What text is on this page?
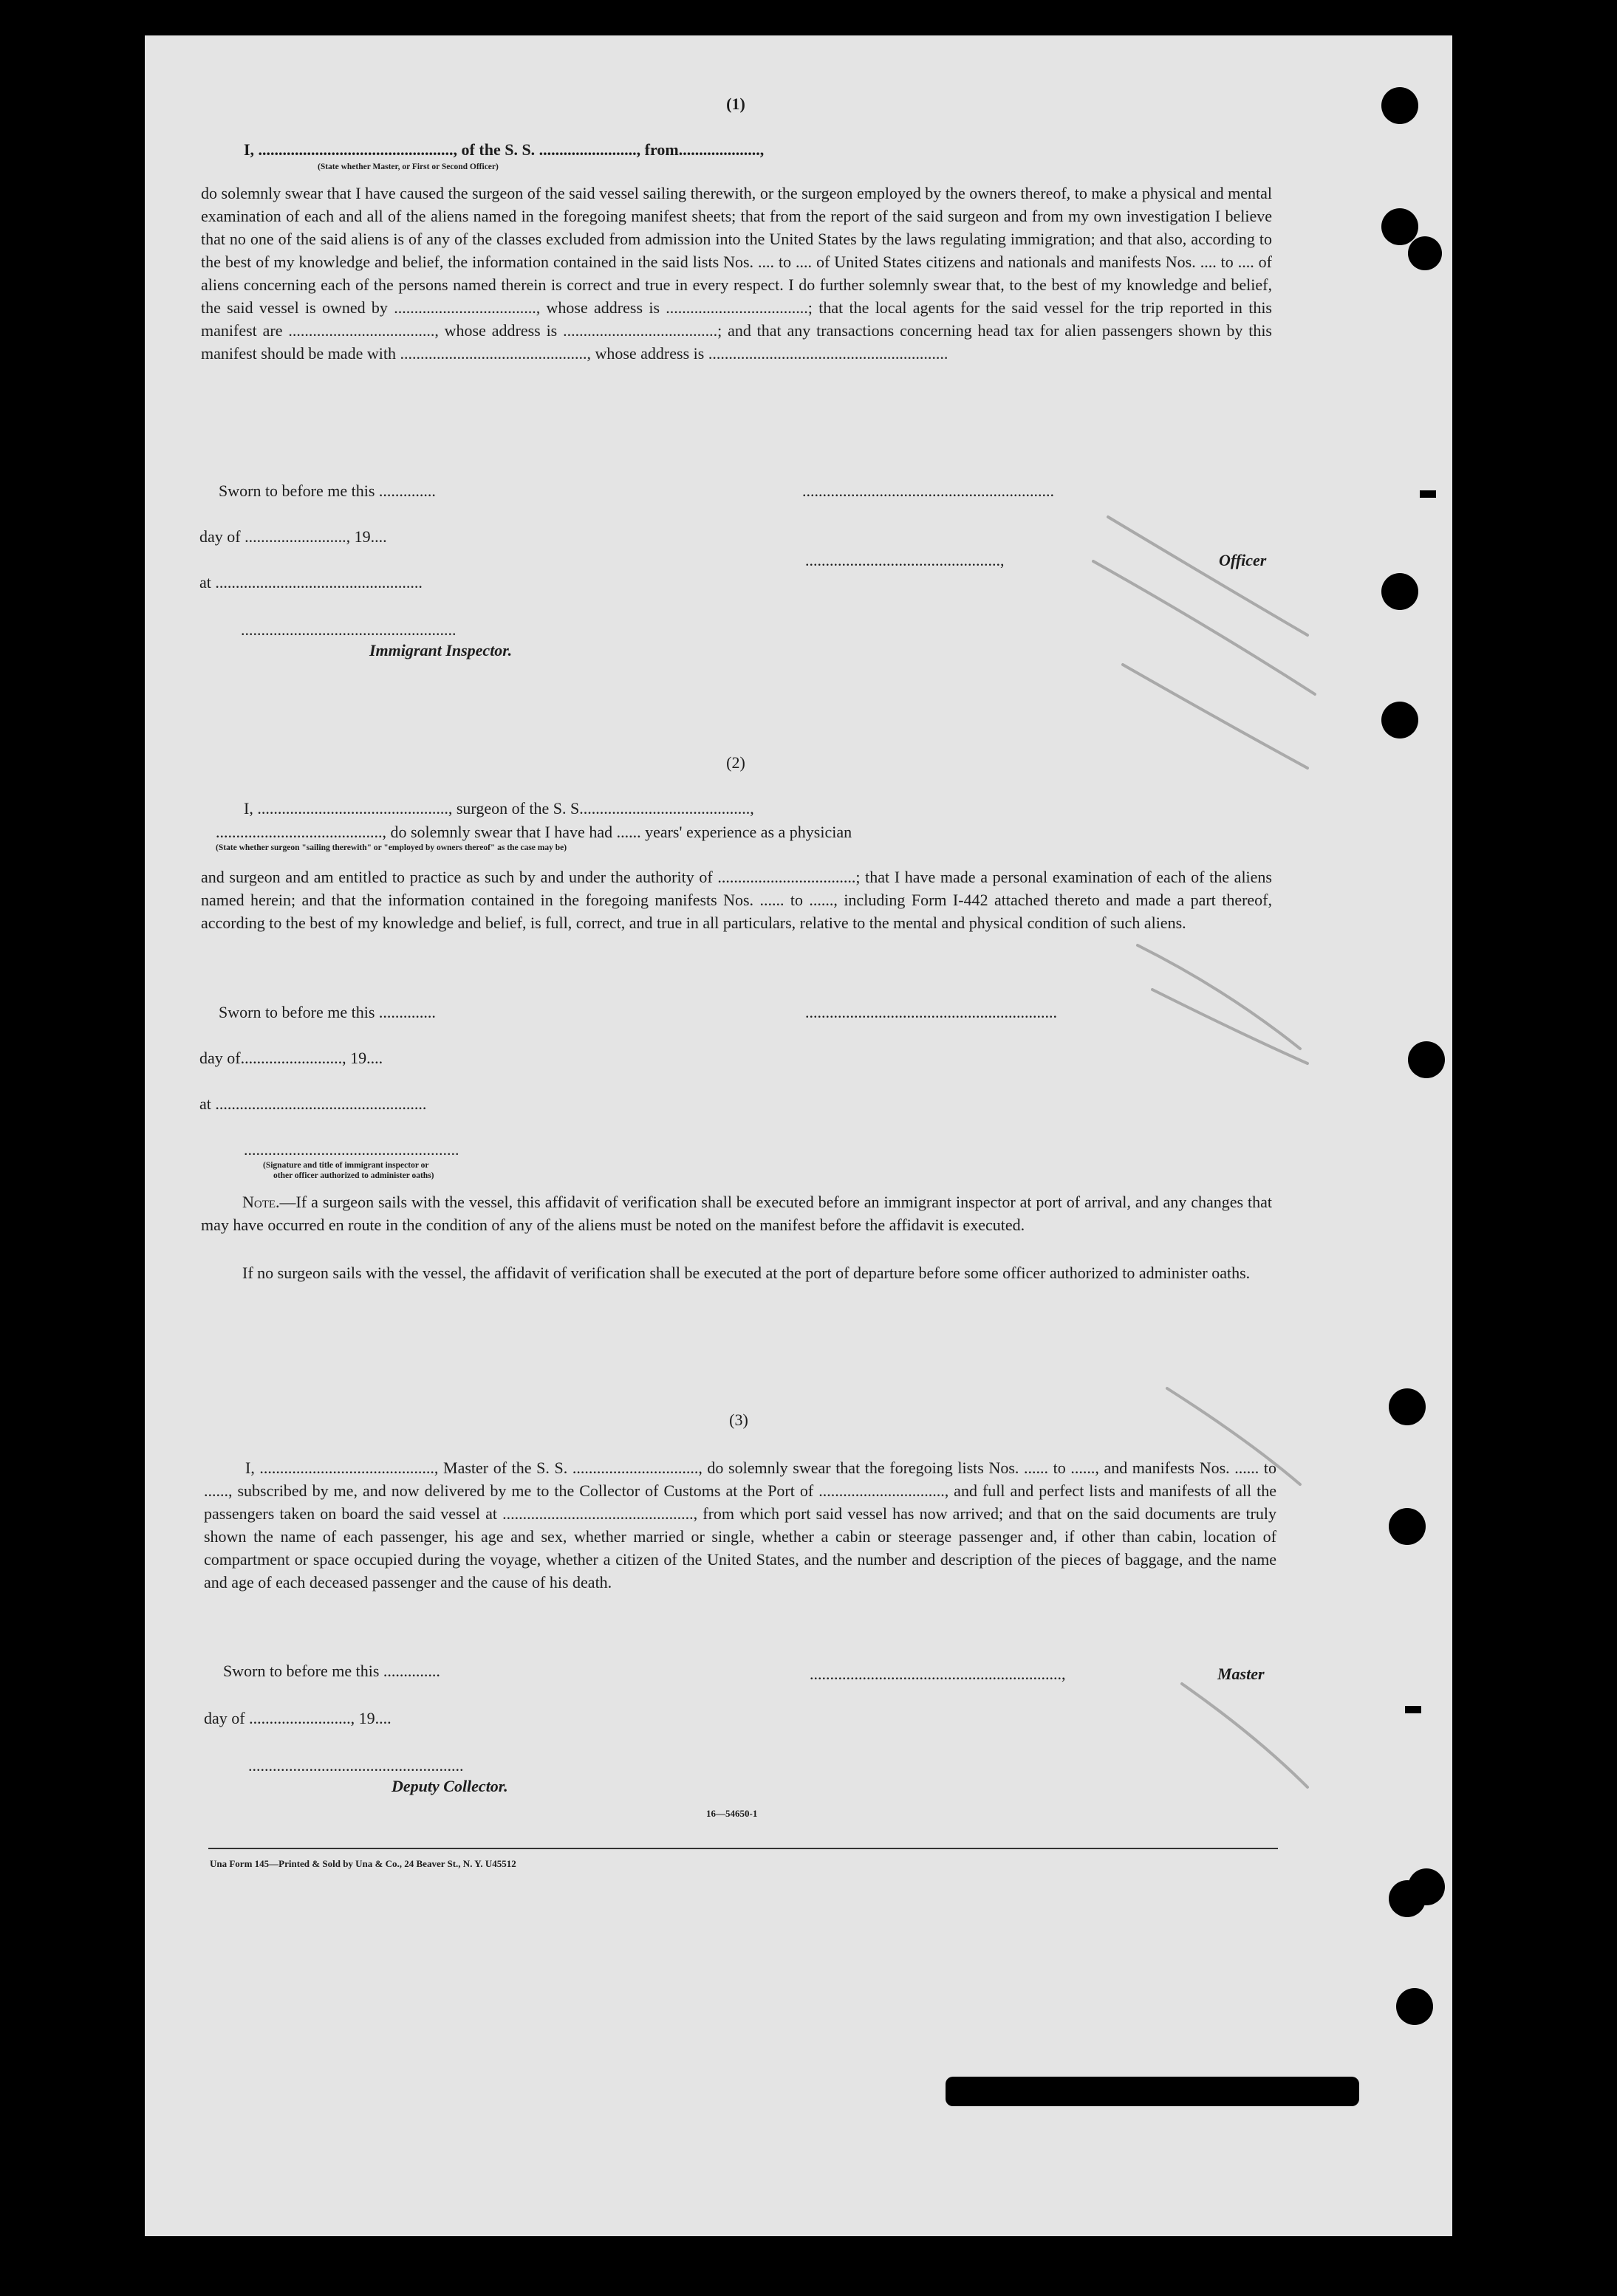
(1)
I, ................................................, of the S. S. ........................, from....................,
(State whether Master, or First or Second Officer)
do solemnly swear that I have caused the surgeon of the said vessel sailing therewith, or the surgeon employed by the owners thereof, to make a physical and mental examination of each and all of the aliens named in the foregoing manifest sheets; that from the report of the said surgeon and from my own investigation I believe that no one of the said aliens is of any of the classes excluded from admission into the United States by the laws regulating immigration; and that also, according to the best of my knowledge and belief, the information contained in the said lists Nos. .... to .... of United States citizens and nationals and manifests Nos. .... to .... of aliens concerning each of the persons named therein is correct and true in every respect. I do further solemnly swear that, to the best of my knowledge and belief, the said vessel is owned by ..................................., whose address is ...................................; that the local agents for the said vessel for the trip reported in this manifest are ...................................., whose address is ......................................; and that any transactions concerning head tax for alien passengers shown by this manifest should be made with .............................................., whose address is ...........................................................
Sworn to before me this ..............	..............................................................
day of ........................., 19....
................................................,	Officer
at ...................................................
.....................................................
Immigrant Inspector.
(2)
I, ..............................................., surgeon of the S. S..........................................,
........................................., do solemnly swear that I have had ...... years' experience as a physician
(State whether surgeon "sailing therewith" or "employed by owners thereof" as the case may be)
and surgeon and am entitled to practice as such by and under the authority of ..................................; that I have made a personal examination of each of the aliens named herein; and that the information contained in the foregoing manifests Nos. ...... to ......, including Form I-442 attached thereto and made a part thereof, according to the best of my knowledge and belief, is full, correct, and true in all particulars, relative to the mental and physical condition of such aliens.
Sworn to before me this ..............	..............................................................
day of........................., 19....
at ....................................................
.....................................................
(Signature and title of immigrant inspector or
other officer authorized to administer oaths)
Note.—If a surgeon sails with the vessel, this affidavit of verification shall be executed before an immigrant inspector at port of arrival, and any changes that may have occurred en route in the condition of any of the aliens must be noted on the manifest before the affidavit is executed.
If no surgeon sails with the vessel, the affidavit of verification shall be executed at the port of departure before some officer authorized to administer oaths.
(3)
I, ..........................................., Master of the S. S. ..............................., do solemnly swear that the foregoing lists Nos. ...... to ......, and manifests Nos. ...... to ......, subscribed by me, and now delivered by me to the Collector of Customs at the Port of ..............................., and full and perfect lists and manifests of all the passengers taken on board the said vessel at ..............................................., from which port said vessel has now arrived; and that on the said documents are truly shown the name of each passenger, his age and sex, whether married or single, whether a cabin or steerage passenger and, if other than cabin, location of compartment or space occupied during the voyage, whether a citizen of the United States, and the number and description of the pieces of baggage, and the name and age of each deceased passenger and the cause of his death.
Sworn to before me this ..............	..............................................................,	Master
day of ........................., 19....
.....................................................
Deputy Collector.
16—54650-1
Una Form 145—Printed & Sold by Una & Co., 24 Beaver St., N. Y. U45512
